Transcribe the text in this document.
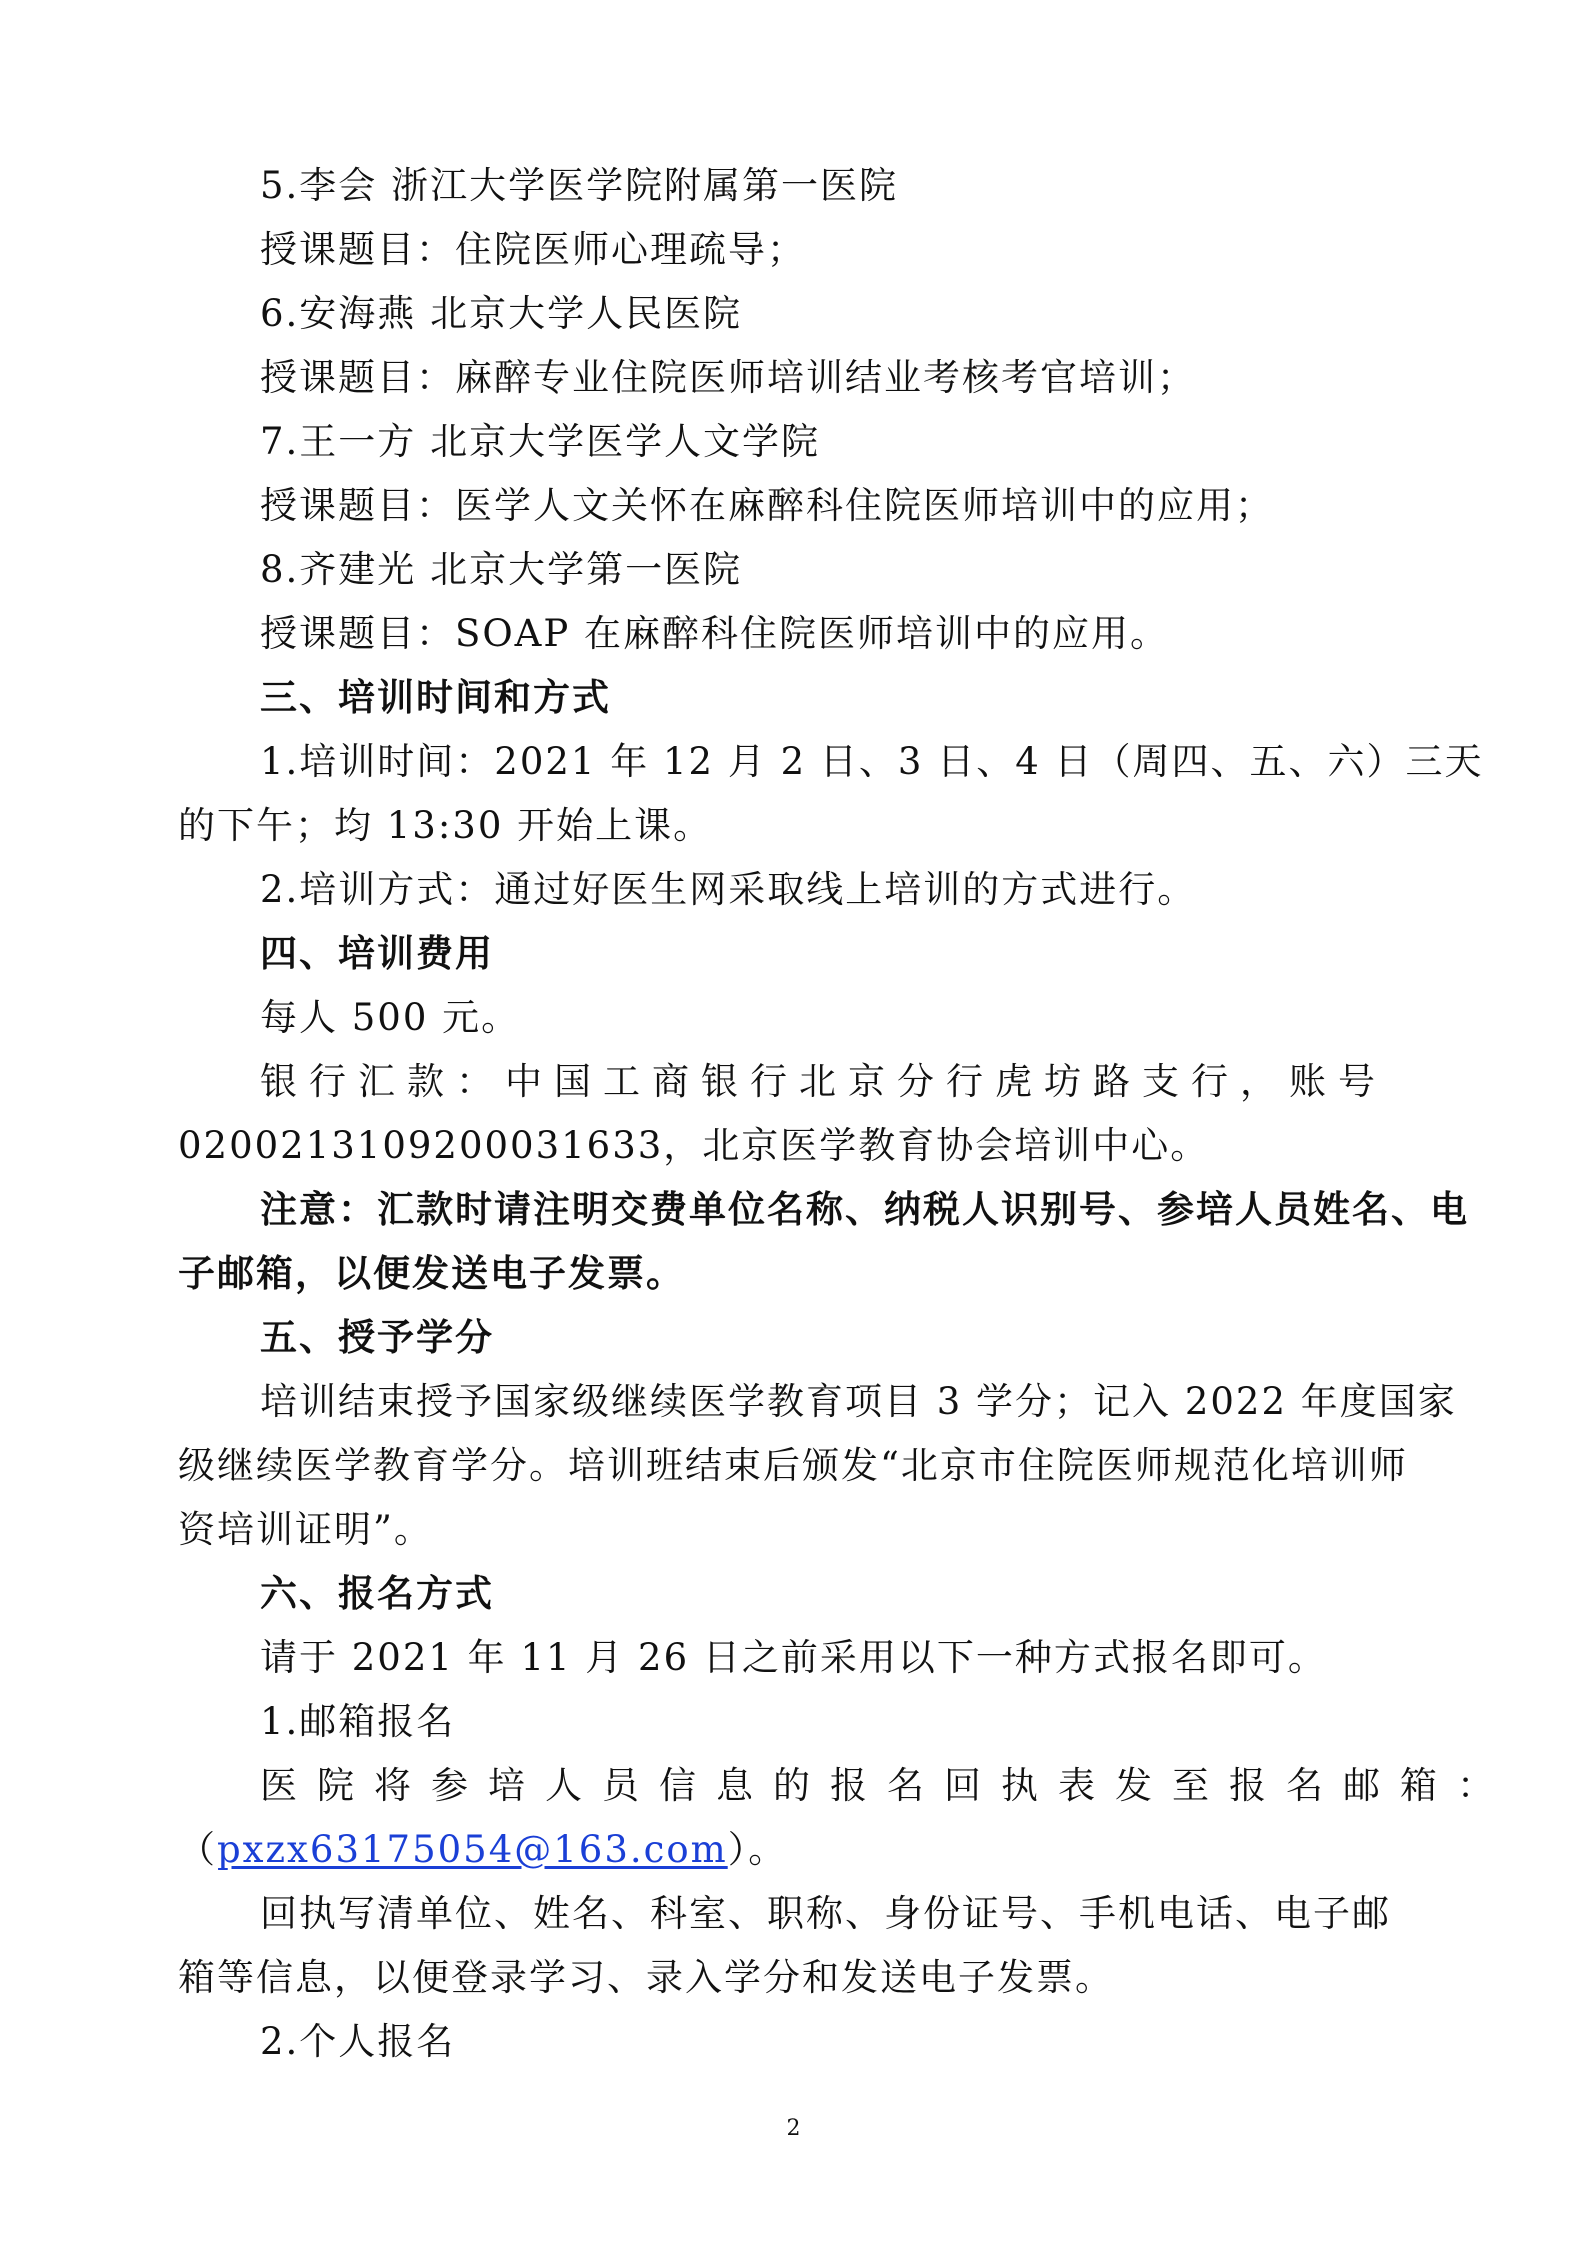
5.李会 浙江大学医学院附属第一医院
授课题目：住院医师心理疏导；
6.安海燕 北京大学人民医院
授课题目：麻醉专业住院医师培训结业考核考官培训；
7.王一方 北京大学医学人文学院
授课题目：医学人文关怀在麻醉科住院医师培训中的应用；
8.齐建光 北京大学第一医院
授课题目：SOAP 在麻醉科住院医师培训中的应用。
三、培训时间和方式
1.培训时间：2021 年 12 月 2 日、3 日、4 日（周四、五、六）三天
的下午；均 13:30 开始上课。
2.培训方式：通过好医生网采取线上培训的方式进行。
四、培训费用
每人 500 元。
银行汇款：中国工商银行北京分行虎坊路支行，账号
0200213109200031633，北京医学教育协会培训中心。
注意：汇款时请注明交费单位名称、纳税人识别号、参培人员姓名、电
子邮箱，以便发送电子发票。
五、授予学分
培训结束授予国家级继续医学教育项目 3 学分；记入 2022 年度国家
级继续医学教育学分。培训班结束后颁发“北京市住院医师规范化培训师
资培训证明”。
六、报名方式
请于 2021 年 11 月 26 日之前采用以下一种方式报名即可。
1.邮箱报名
医院将参培人员信息的报名回执表发至报名邮箱：
（pxzx63175054@163.com）。
回执写清单位、姓名、科室、职称、身份证号、手机电话、电子邮
箱等信息，以便登录学习、录入学分和发送电子发票。
2.个人报名
2
